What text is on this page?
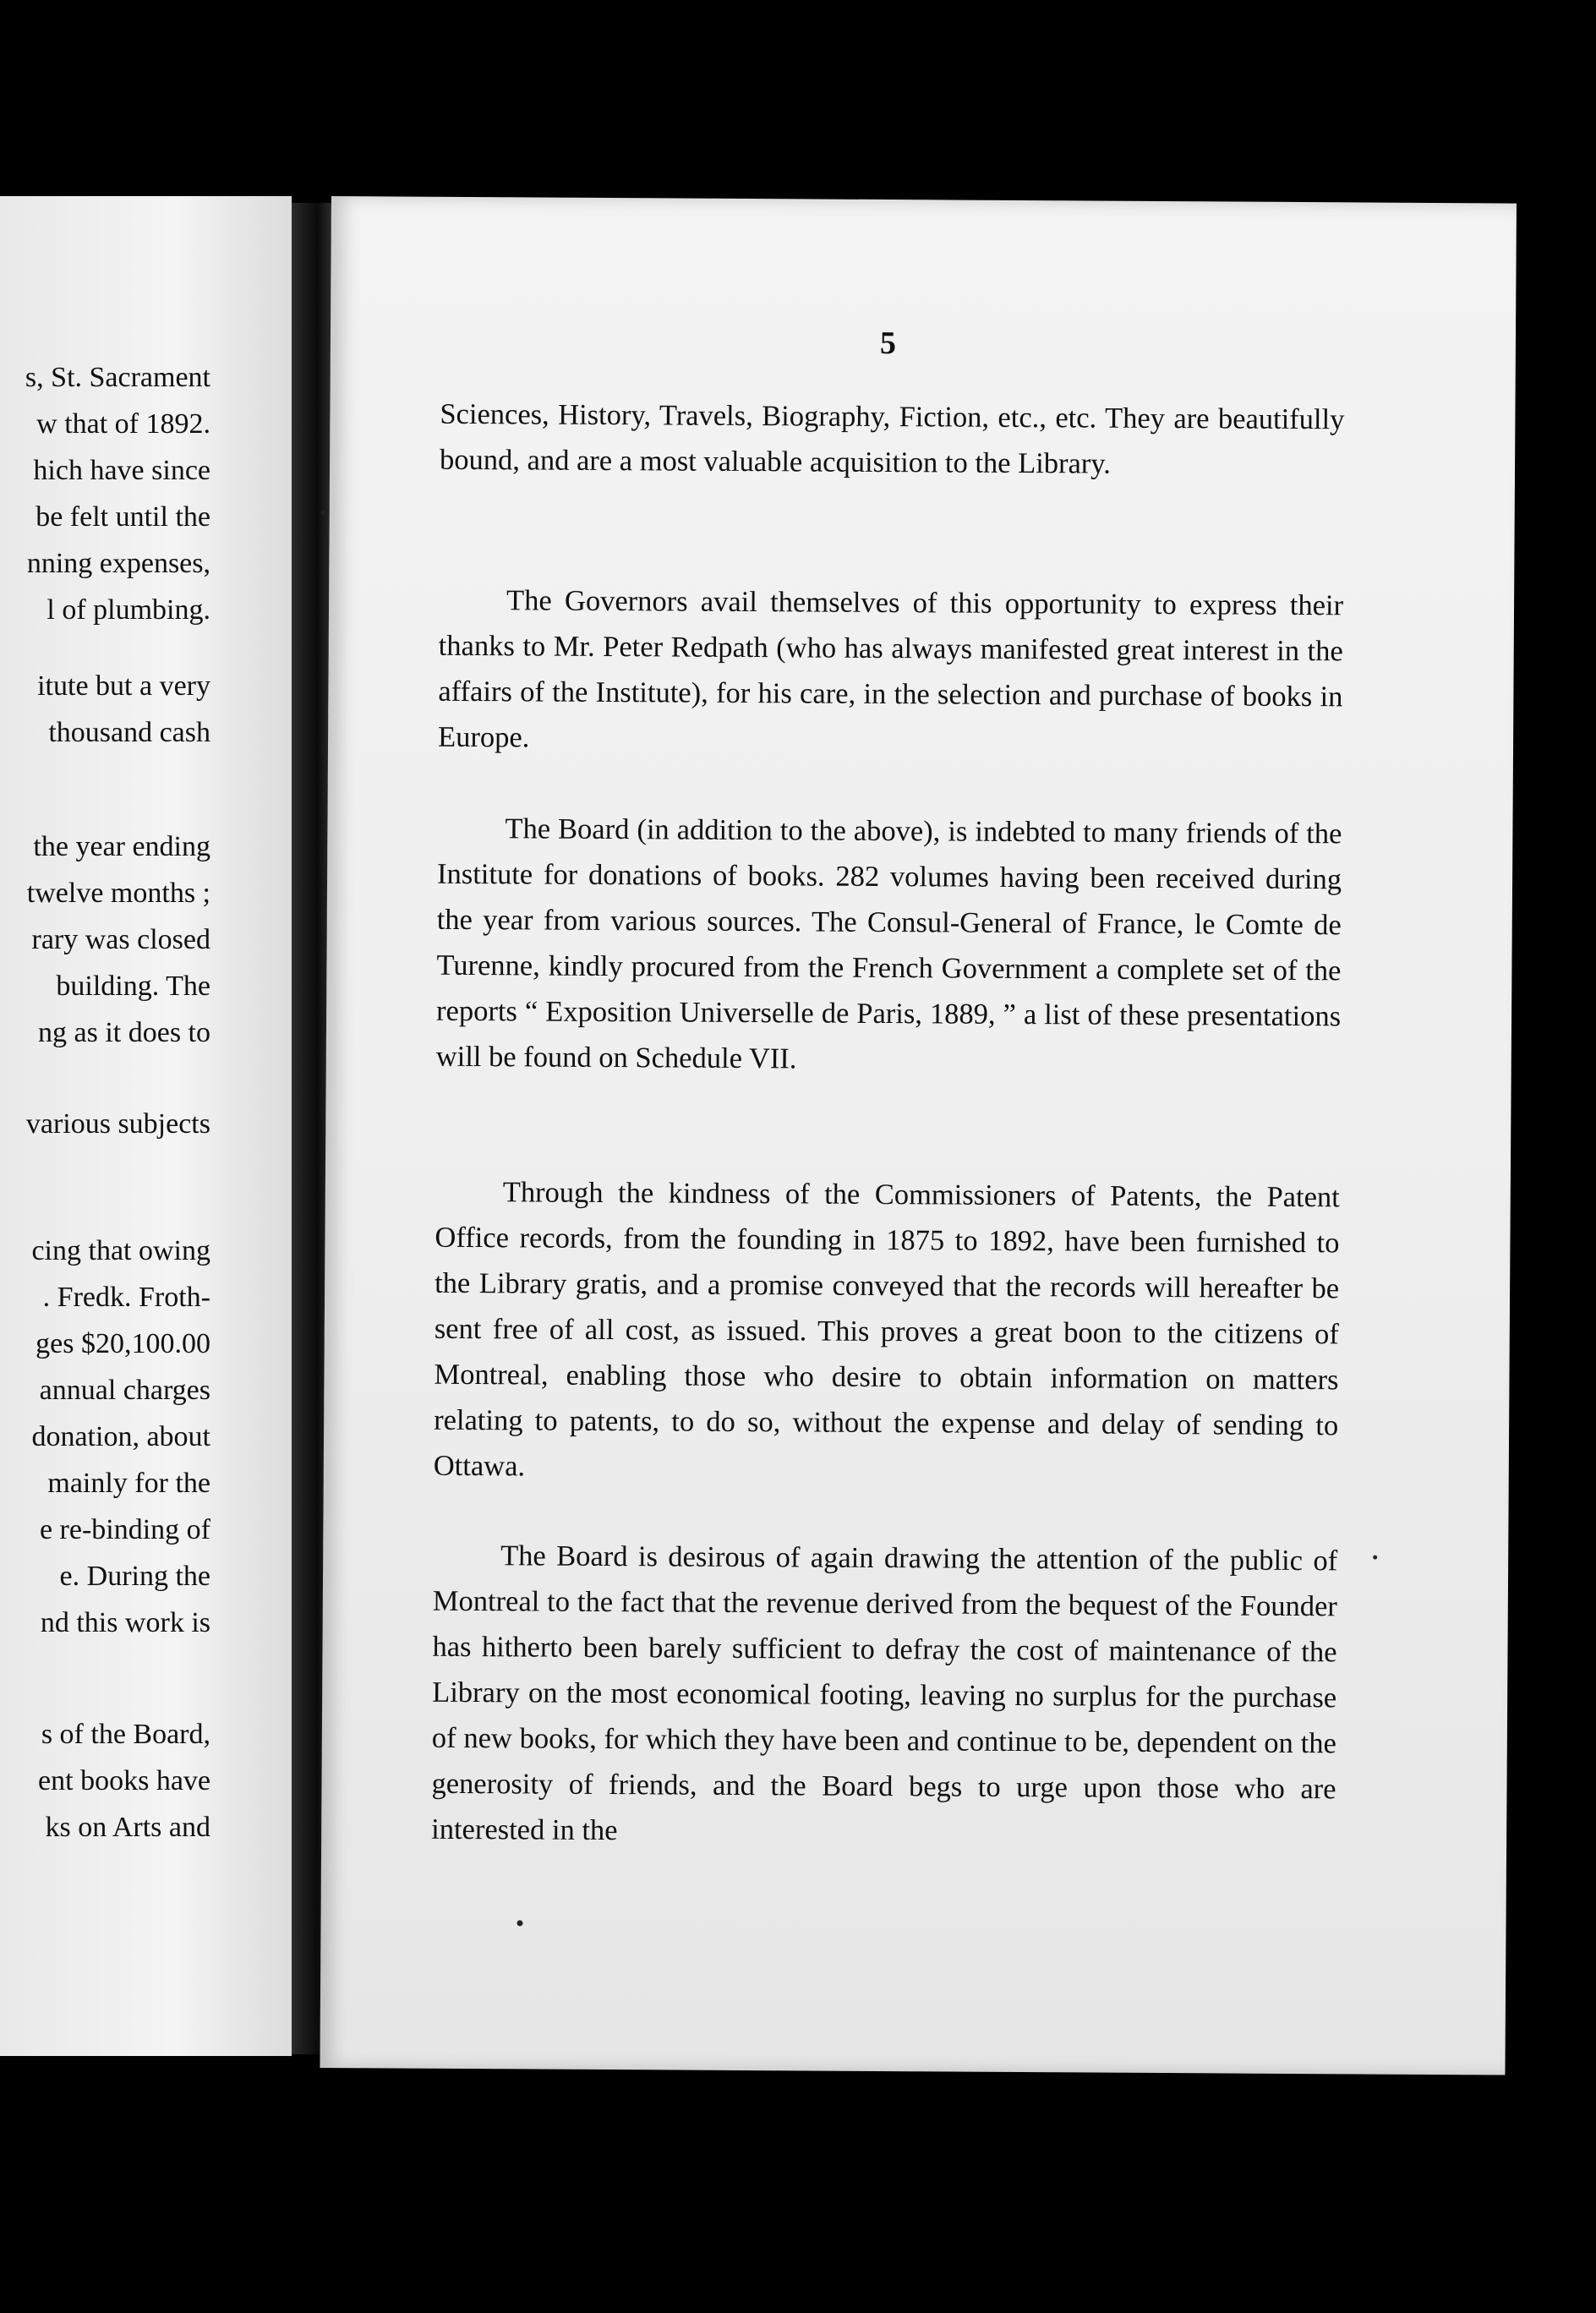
s, St. Sacrament
w that of 1892.
hich have since
be felt until the
nning expenses,
l of plumbing.
itute but a very
thousand cash
the year ending
twelve months ;
rary was closed
building. The
ng as it does to
various subjects
cing that owing
. Fredk. Froth-
ges $20,100.00
annual charges
donation, about
mainly for the
e re-binding of
e. During the
nd this work is
s of the Board,
ent books have
ks on Arts and
5

Sciences, History, Travels, Biography, Fiction, etc., etc. They are beautifully bound, and are a most valuable acquisition to the Library.

The Governors avail themselves of this opportunity to express their thanks to Mr. Peter Redpath (who has always manifested great interest in the affairs of the Institute), for his care, in the selection and purchase of books in Europe.

The Board (in addition to the above), is indebted to many friends of the Institute for donations of books. 282 volumes having been received during the year from various sources. The Consul-General of France, le Comte de Turenne, kindly procured from the French Government a complete set of the reports “ Exposition Universelle de Paris, 1889, ” a list of these presentations will be found on Schedule VII.

Through the kindness of the Commissioners of Patents, the Patent Office records, from the founding in 1875 to 1892, have been furnished to the Library gratis, and a promise conveyed that the records will hereafter be sent free of all cost, as issued. This proves a great boon to the citizens of Montreal, enabling those who desire to obtain information on matters relating to patents, to do so, without the expense and delay of sending to Ottawa.

The Board is desirous of again drawing the attention of the public of Montreal to the fact that the revenue derived from the bequest of the Founder has hitherto been barely sufficient to defray the cost of maintenance of the Library on the most economical footing, leaving no surplus for the purchase of new books, for which they have been and continue to be, dependent on the generosity of friends, and the Board begs to urge upon those who are interested in the
